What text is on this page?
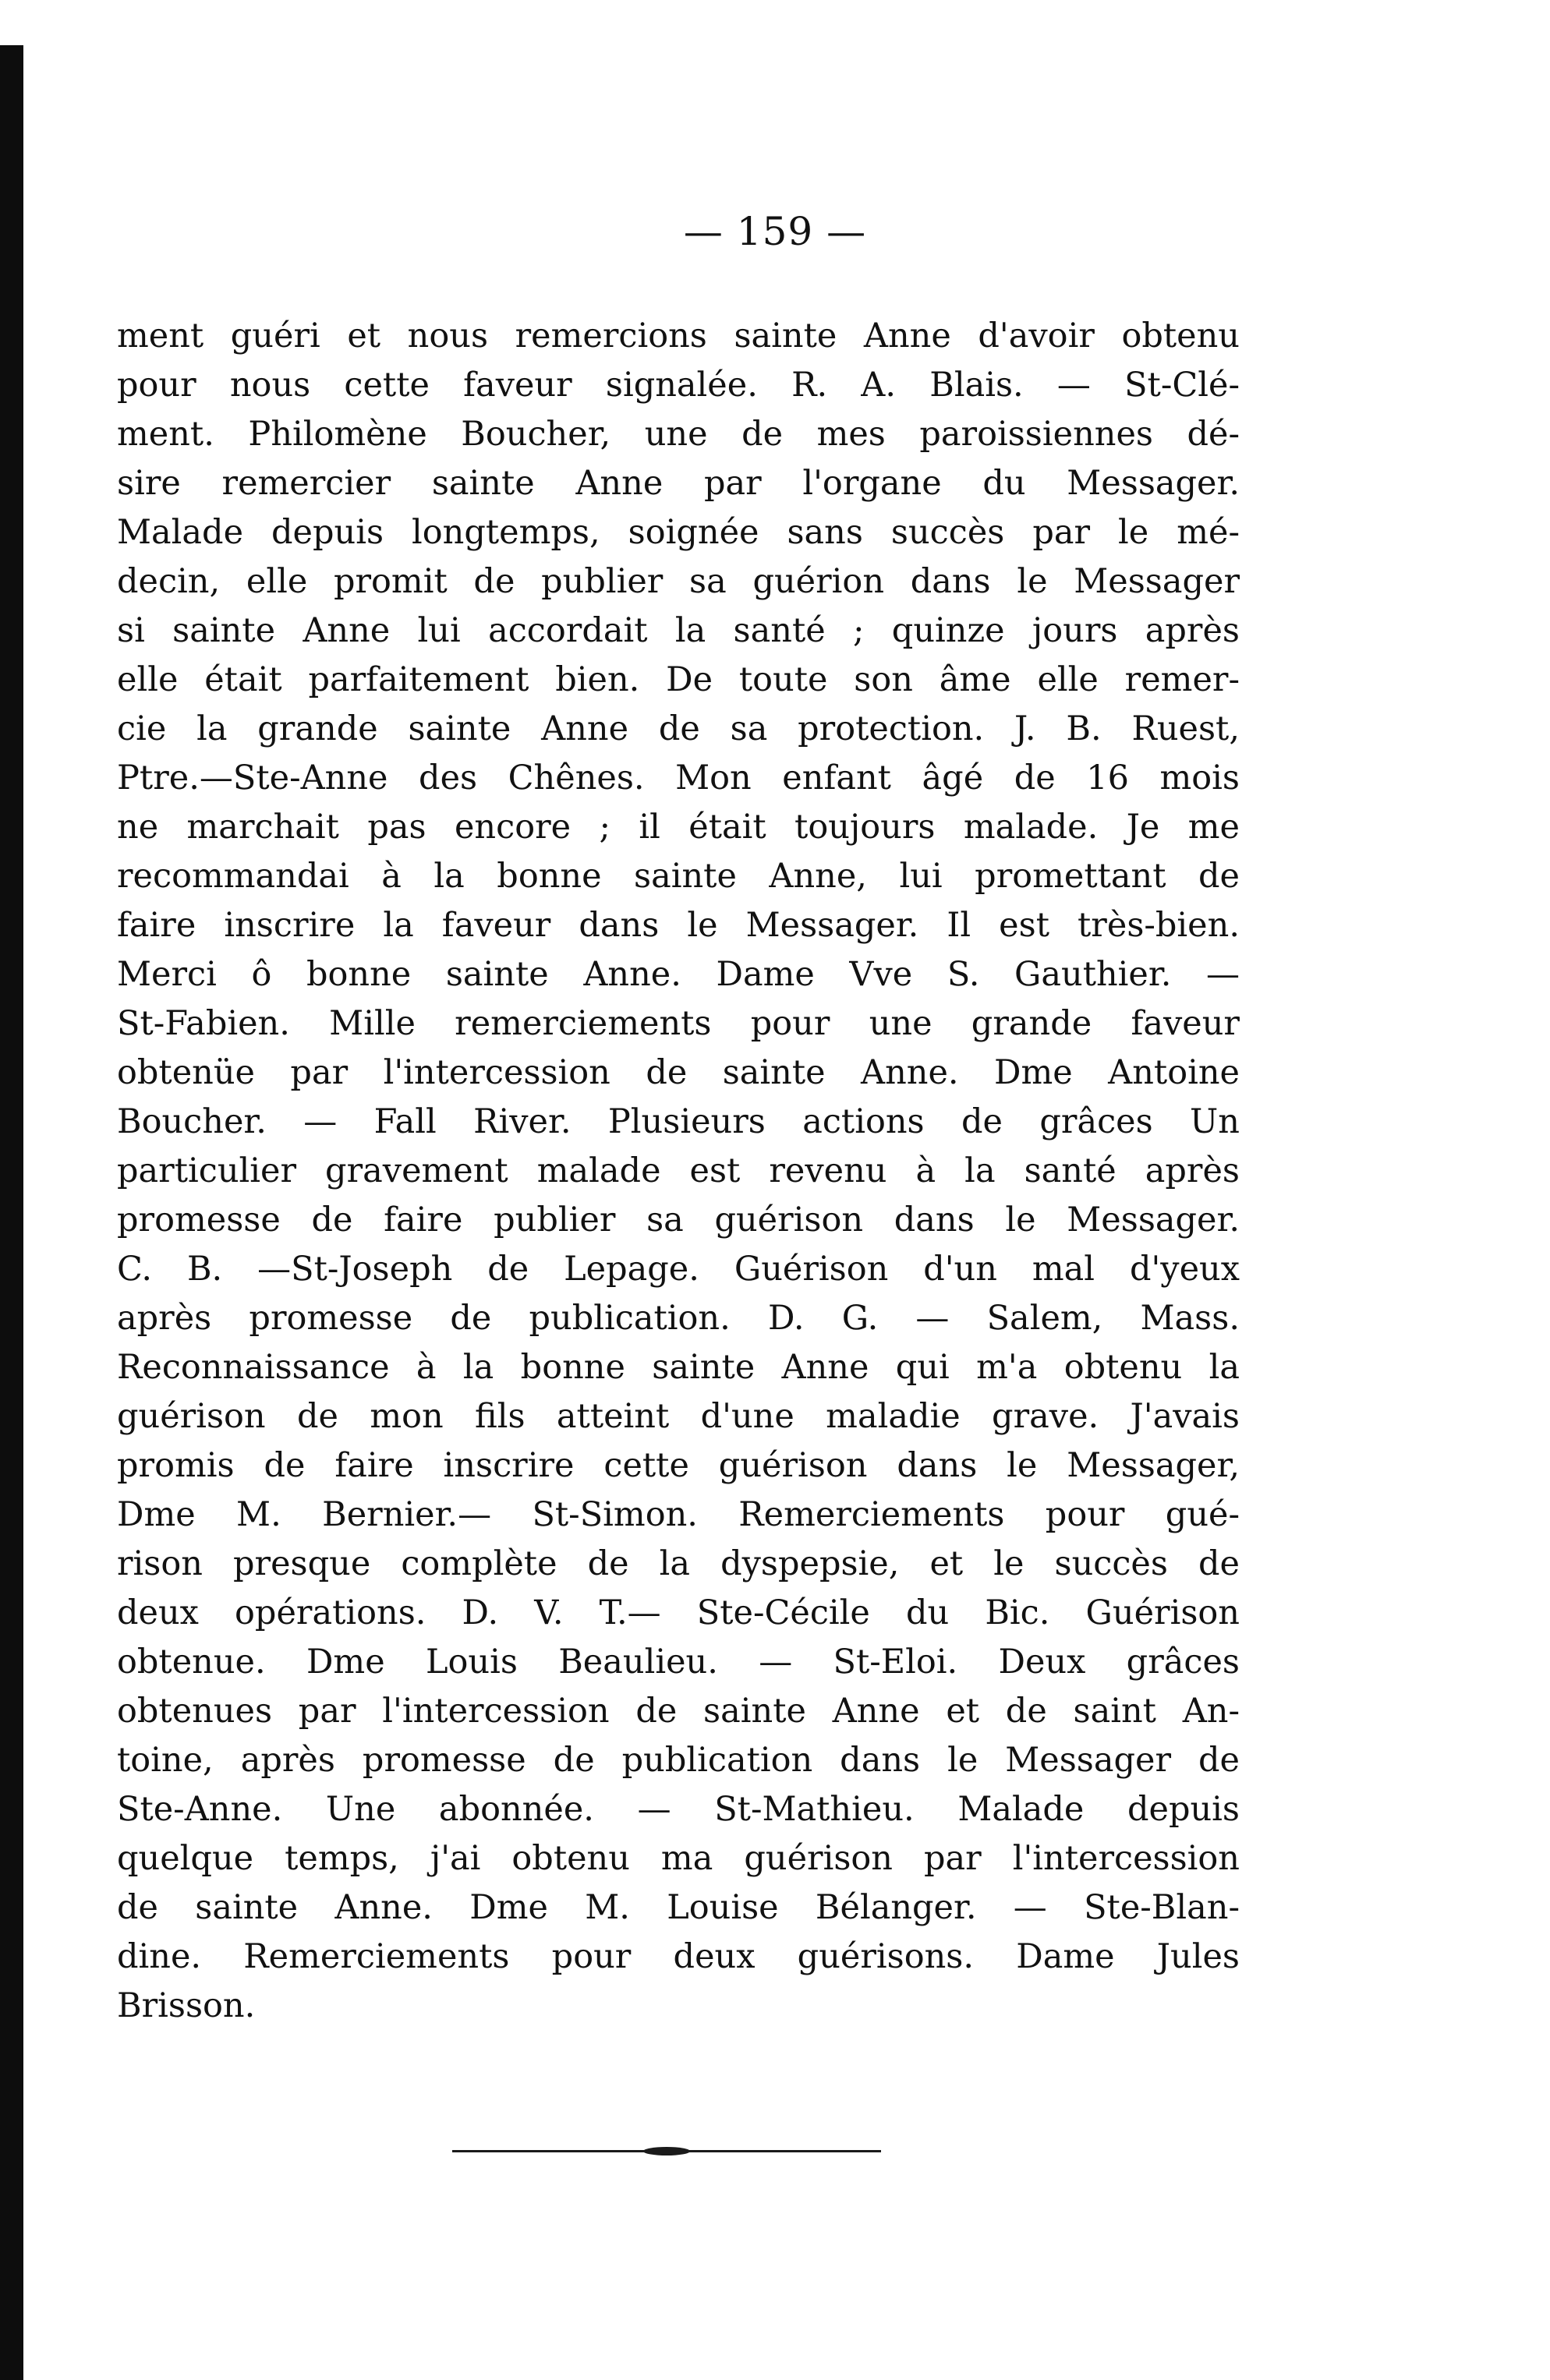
— 159 —
ment guéri et nous remercions sainte Anne d'avoir obtenu
pour nous cette faveur signalée. R. A. Blais. — St-Clé-
ment. Philomène Boucher, une de mes paroissiennes dé-
sire remercier sainte Anne par l'organe du Messager.
Malade depuis longtemps, soignée sans succès par le mé-
decin, elle promit de publier sa guérion dans le Messager
si sainte Anne lui accordait la santé ; quinze jours après
elle était parfaitement bien. De toute son âme elle remer-
cie la grande sainte Anne de sa protection. J. B. Ruest,
Ptre.—Ste-Anne des Chênes. Mon enfant âgé de 16 mois
ne marchait pas encore ; il était toujours malade. Je me
recommandai à la bonne sainte Anne, lui promettant de
faire inscrire la faveur dans le Messager. Il est très-bien.
Merci ô bonne sainte Anne. Dame Vve S. Gauthier. —
St-Fabien. Mille remerciements pour une grande faveur
obtenüe par l'intercession de sainte Anne. Dme Antoine
Boucher. — Fall River. Plusieurs actions de grâces Un
particulier gravement malade est revenu à la santé après
promesse de faire publier sa guérison dans le Messager.
C. B. —St-Joseph de Lepage. Guérison d'un mal d'yeux
après promesse de publication. D. G. — Salem, Mass.
Reconnaissance à la bonne sainte Anne qui m'a obtenu la
guérison de mon fils atteint d'une maladie grave. J'avais
promis de faire inscrire cette guérison dans le Messager,
Dme M. Bernier.— St-Simon. Remerciements pour gué-
rison presque complète de la dyspepsie, et le succès de
deux opérations. D. V. T.— Ste-Cécile du Bic. Guérison
obtenue. Dme Louis Beaulieu. — St-Eloi. Deux grâces
obtenues par l'intercession de sainte Anne et de saint An-
toine, après promesse de publication dans le Messager de
Ste-Anne. Une abonnée. — St-Mathieu. Malade depuis
quelque temps, j'ai obtenu ma guérison par l'intercession
de sainte Anne. Dme M. Louise Bélanger. — Ste-Blan-
dine. Remerciements pour deux guérisons. Dame Jules
Brisson.
